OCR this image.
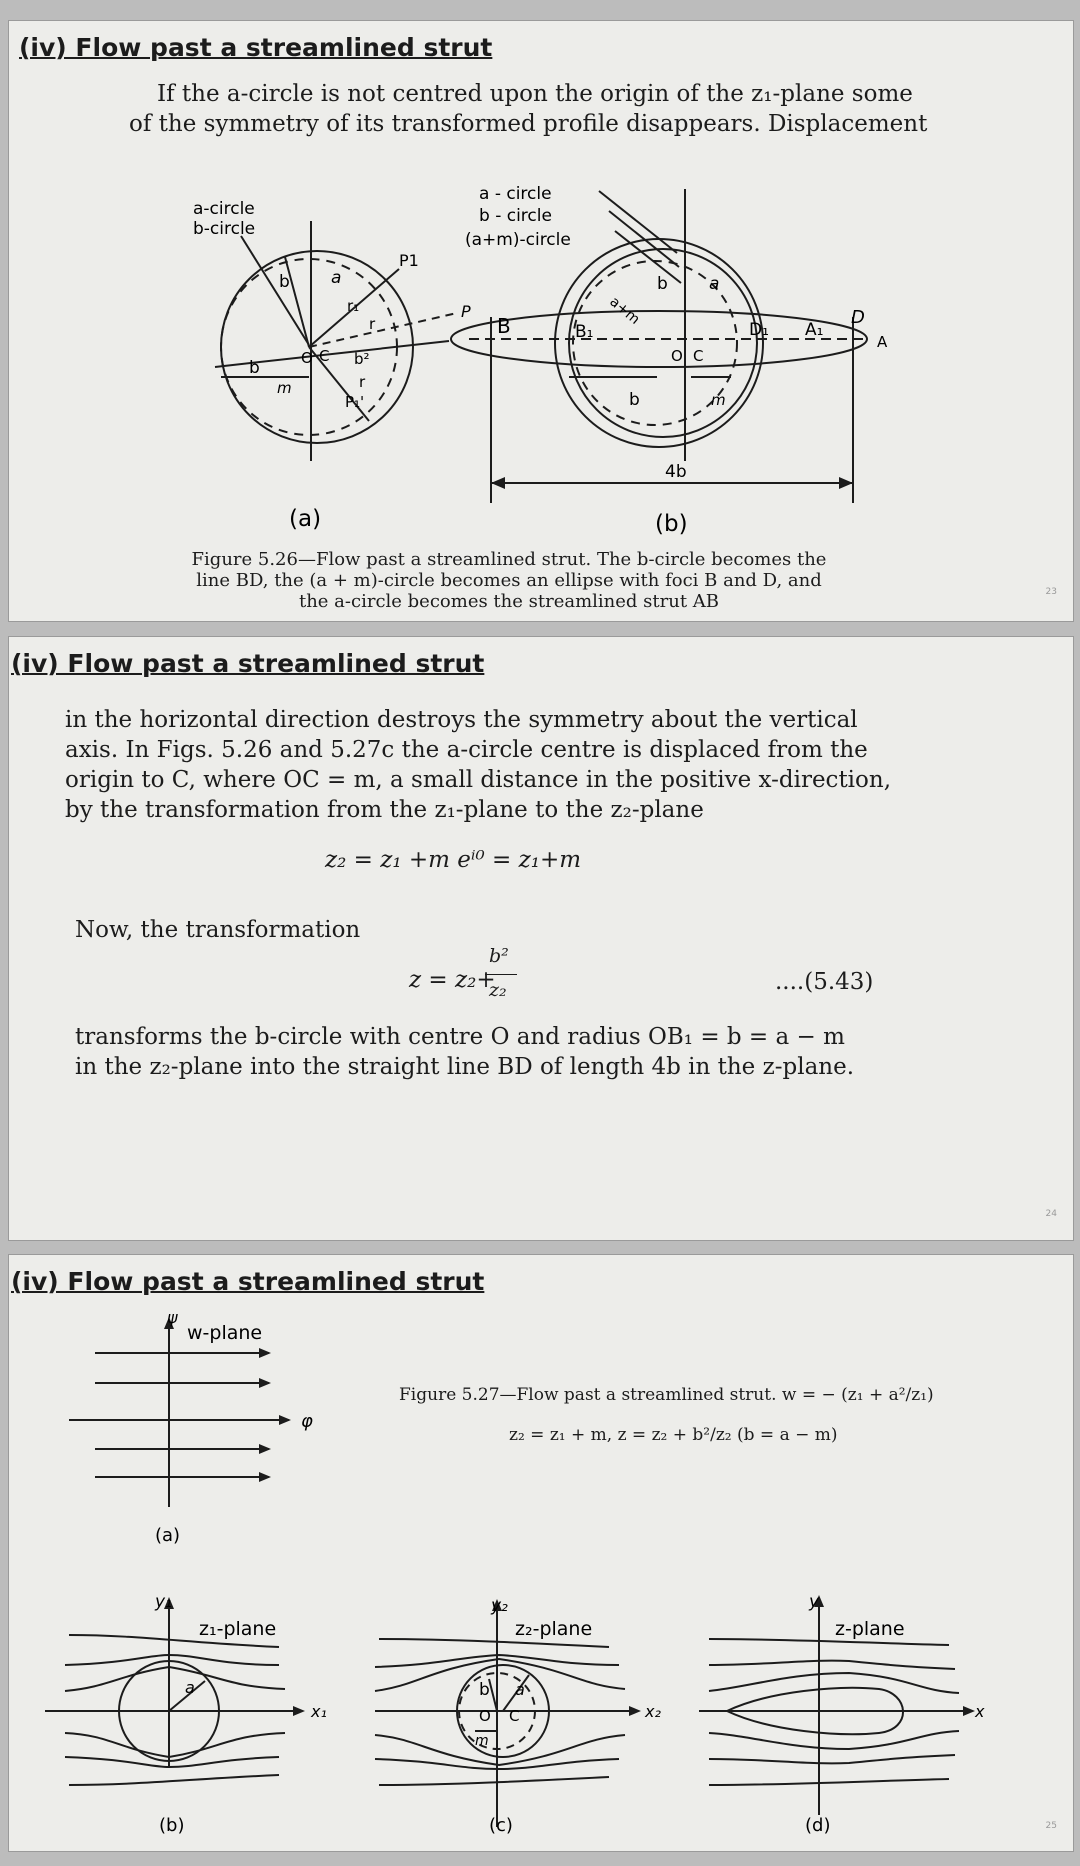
(iv) Flow past a streamlined strut
If the a-circle is not centred upon the origin of the z₁-plane some
of the symmetry of its transformed profile disappears. Displacement
a-circle
b-circle
b a
P1
r₁
r
P
O C b²
r
b
m
P₁'
(a)
a - circle
b - circle
(a+m)-circle
a+m
b a
B	B₁
O C
D₁ A₁
D
A
b	m
4b
(b)
Figure 5.26—Flow past a streamlined strut. The b-circle becomes the
line BD, the (a + m)-circle becomes an ellipse with foci B and D, and
the a-circle becomes the streamlined strut AB	23
(iv) Flow past a streamlined strut
in the horizontal direction destroys the symmetry about the vertical
axis. In Figs. 5.26 and 5.27c the a-circle centre is displaced from the
origin to C, where OC = m, a small distance in the positive x-direction,
by the transformation from the z₁-plane to the z₂-plane
z₂ = z₁ +m eⁱ⁰ = z₁+m
Now, the transformation
z = z₂+
b²
z₂	....(5.43)
transforms the b-circle with centre O and radius OB₁ = b = a − m
in the z₂-plane into the straight line BD of length 4b in the z-plane.
24
(iv) Flow past a streamlined strut
ψ
w-plane
φ
(a)
Figure 5.27—Flow past a streamlined strut. w = − (z₁ + a²/z₁)
z₂ = z₁ + m, z = z₂ + b²/z₂ (b = a − m)
y₁
z₁-plane
a
x₁
(b)
y₂
z₂-plane
b a
O C
m
x₂
(c)
y
z-plane
x
(d)	25
